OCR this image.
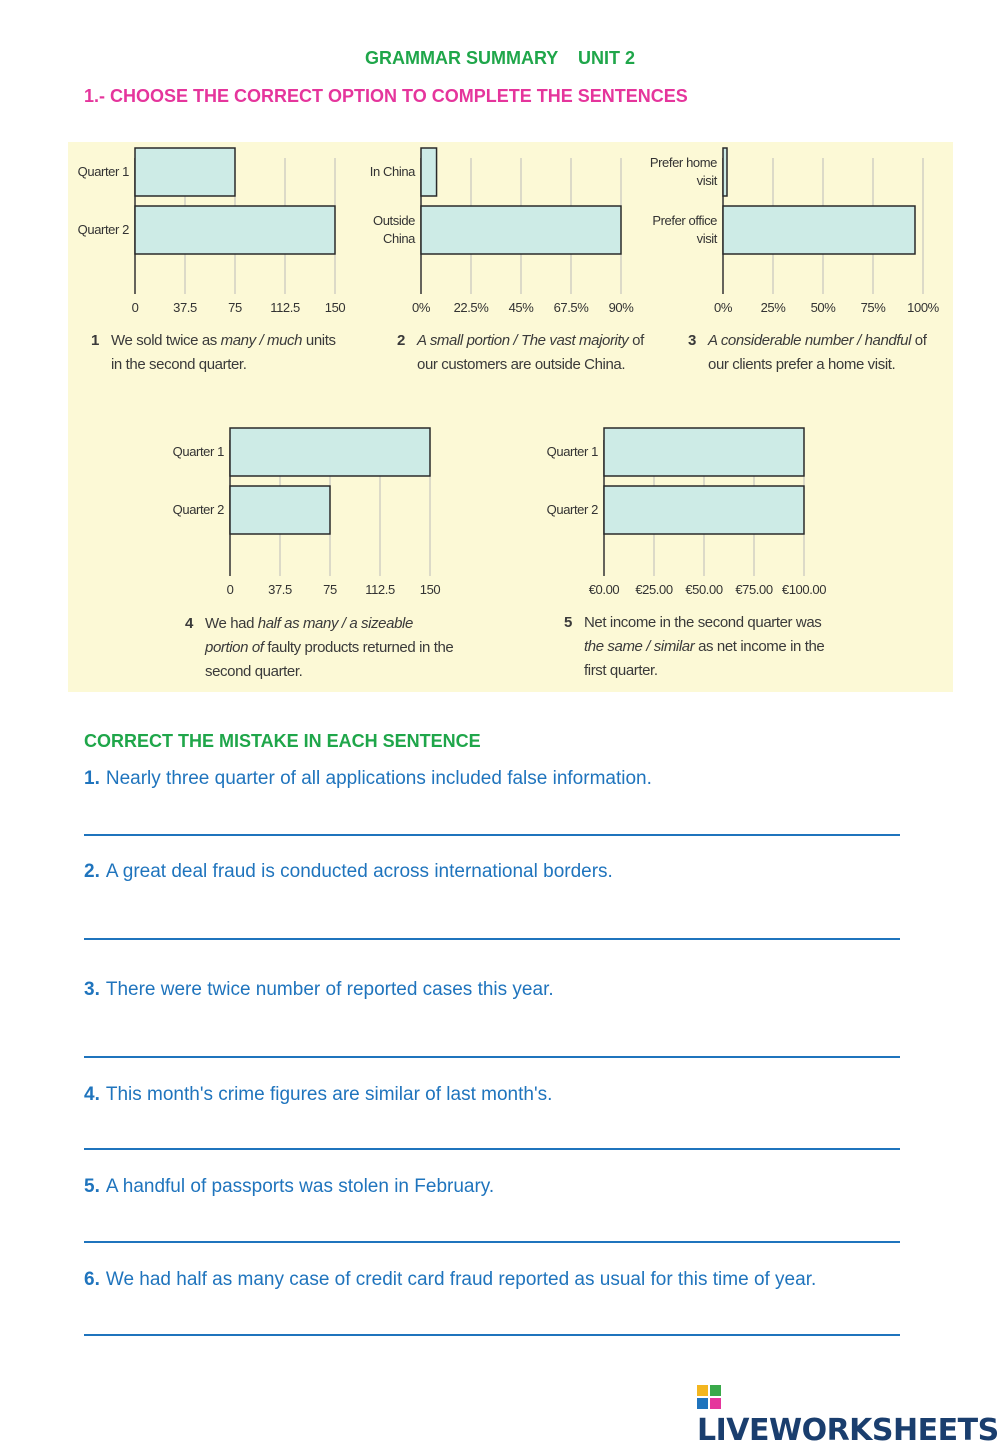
GRAMMAR SUMMARY    UNIT 2
1.- CHOOSE THE CORRECT OPTION TO COMPLETE THE SENTENCES
0	37.5 75 112.5 150
Quarter 1
Quarter 2
0% 22.5% 45% 67.5% 90%
In China
Outside China
0% 25% 50% 75% 100%
Prefer home visit
Prefer office visit
0	37.5 75 112.5 150
Quarter 1
Quarter 2
€0.00 €25.00 €50.00 €75.00 €100.00
Quarter 1
Quarter 2
1 We sold twice as many / much units in the second quarter.
2 A small portion / The vast majority of our customers are outside China.
3 A considerable number / handful of our clients prefer a home visit.
4 We had half as many / a sizeable portion of faulty products returned in the second quarter.
5 Net income in the second quarter was the same / similar as net income in the first quarter.
CORRECT THE MISTAKE IN EACH SENTENCE
1. Nearly three quarter of all applications included false information.
2. A great deal fraud is conducted across international borders.
3. There were twice number of reported cases this year.
4. This month's crime figures are similar of last month's.
5. A handful of passports was stolen in February.
6. We had half as many case of credit card fraud reported as usual for this time of year.
LIVEWORKSHEETS
